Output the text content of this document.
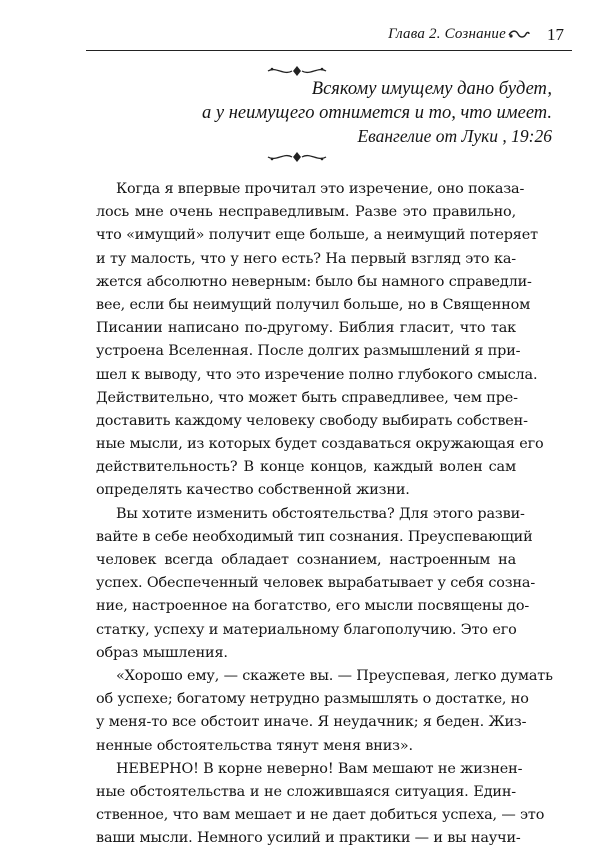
Глава 2. Сознание 17
Всякому имущему дано будет,
а у неимущего отнимется и то, что имеет.
Евангелие от Луки , 19:26
Когда я впервые прочитал это изречение, оно показа-
лось мне очень несправедливым. Разве это правильно,
что «имущий» получит еще больше, а неимущий потеряет
и ту малость, что у него есть? На первый взгляд это ка-
жется абсолютно неверным: было бы намного справедли-
вее, если бы неимущий получил больше, но в Священном
Писании написано по-другому. Библия гласит, что так
устроена Вселенная. После долгих размышлений я при-
шел к выводу, что это изречение полно глубокого смысла.
Действительно, что может быть справедливее, чем пре-
доставить каждому человеку свободу выбирать собствен-
ные мысли, из которых будет создаваться окружающая его
действительность? В конце концов, каждый волен сам
определять качество собственной жизни.
Вы хотите изменить обстоятельства? Для этого разви-
вайте в себе необходимый тип сознания. Преуспевающий
человек всегда обладает сознанием, настроенным на
успех. Обеспеченный человек вырабатывает у себя созна-
ние, настроенное на богатство, его мысли посвящены до-
статку, успеху и материальному благополучию. Это его
образ мышления.
«Хорошо ему, — скажете вы. — Преуспевая, легко думать
об успехе; богатому нетрудно размышлять о достатке, но
у меня-то все обстоит иначе. Я неудачник; я беден. Жиз-
ненные обстоятельства тянут меня вниз».
НЕВЕРНО! В корне неверно! Вам мешают не жизнен-
ные обстоятельства и не сложившаяся ситуация. Един-
ственное, что вам мешает и не дает добиться успеха, — это
ваши мысли. Немного усилий и практики — и вы научи-
